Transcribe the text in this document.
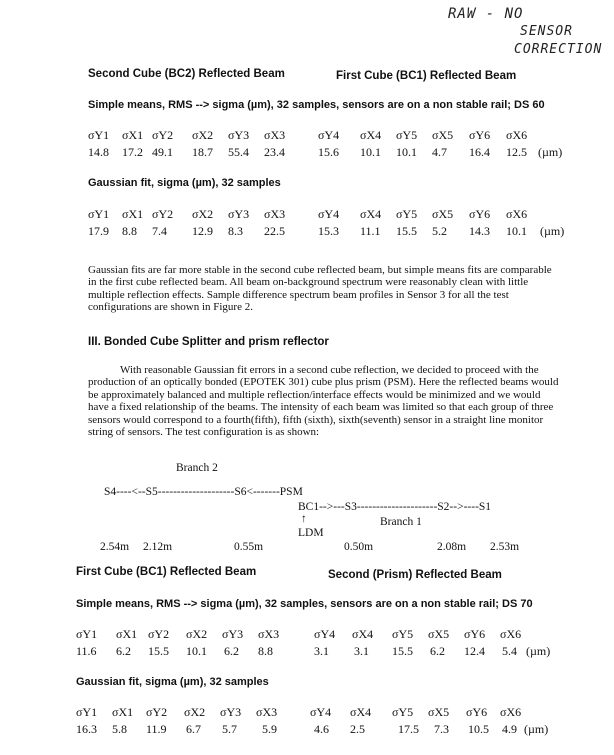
RAW - NO
SENSOR
CORRECTION
Second Cube (BC2) Reflected Beam	First Cube (BC1) Reflected Beam
Simple means, RMS --> sigma (µm), 32 samples, sensors are on a non stable rail; DS 60
σY1 σX1 σY2 σX2 σY3 σX3	σY4 σX4 σY5 σX5 σY6 σX6
14.8 17.2 49.1 18.7 55.4 23.4	15.6 10.1 10.1 4.7 16.4 12.5 (µm)
Gaussian fit, sigma (µm), 32 samples
σY1 σX1 σY2 σX2 σY3 σX3	σY4 σX4 σY5 σX5 σY6 σX6
17.9 8.8 7.4 12.9 8.3 22.5	15.3 11.1 15.5 5.2 14.3 10.1 (µm)
Gaussian fits are far more stable in the second cube reflected beam, but simple means fits are comparable in the first cube reflected beam. All beam on-background spectrum were reasonably clean with little multiple reflection effects. Sample difference spectrum beam profiles in Sensor 3 for all the test configurations are shown in Figure 2.
III. Bonded Cube Splitter and prism reflector
With reasonable Gaussian fit errors in a second cube reflection, we decided to proceed with the production of an optically bonded (EPOTEK 301) cube plus prism (PSM). Here the reflected beams would be approximately balanced and multiple reflection/interface effects would be minimized and we would have a fixed relationship of the beams. The intensity of each beam was limited so that each group of three sensors would correspond to a fourth(fifth), fifth (sixth), sixth(seventh) sensor in a straight line monitor string of sensors. The test configuration is as shown:
Branch 2
S4----<--S5--------------------S6<-------PSM
BC1-->---S3---------------------S2-->----S1
↑
LDM
Branch 1
2.54m 2.12m	0.55m	0.50m	2.08m 2.53m
First Cube (BC1) Reflected Beam	Second (Prism) Reflected Beam
Simple means, RMS --> sigma (µm), 32 samples, sensors are on a non stable rail; DS 70
σY1 σX1 σY2 σX2 σY3 σX3	σY4 σX4 σY5 σX5 σY6 σX6
11.6 6.2 15.5 10.1 6.2 8.8	3.1 3.1 15.5 6.2 12.4 5.4 (µm)
Gaussian fit, sigma (µm), 32 samples
σY1 σX1 σY2 σX2 σY3 σX3	σY4 σX4 σY5 σX5 σY6 σX6
16.3 5.8 11.9 6.7 5.7 5.9	4.6 2.5	17.5 7.3 10.5 4.9 (µm)
